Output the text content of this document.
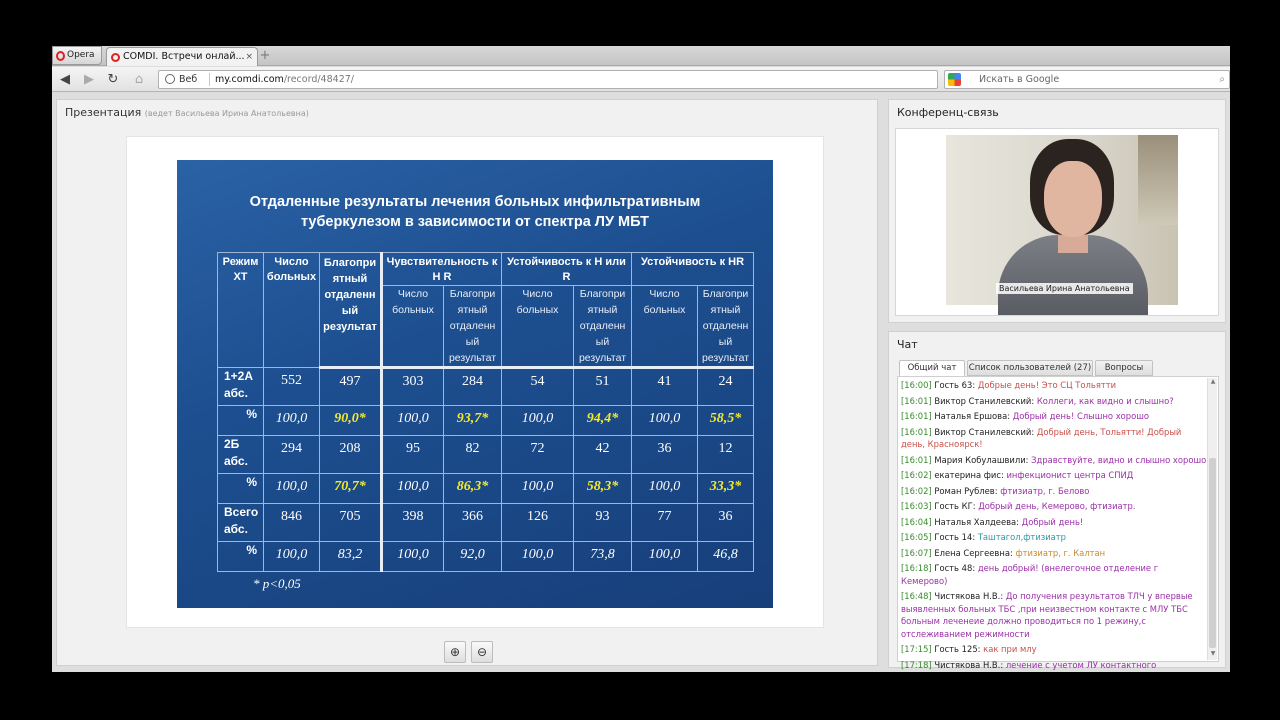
Opera	COMDI. Встречи онлай... × +
◀	▶	↻	⌂	Веб my.comdi.com/record/48427/	Искать в Google	⌕
Презентация (ведет Васильева Ирина Анатольевна)
Отдаленные результаты лечения больных инфильтративным
туберкулезом в зависимости от спектра ЛУ МБТ
Режим ХТ	Число больных	Благопри ятный отдаленн ый результат	Чувствительность к Н R		Устойчивость к Н или R		Устойчивость к HR	
			Число больных	Благопри ятный отдаленн ый результат	Число больных	Благопри ятный отдаленн ый результат	Число больных	Благопри ятный отдаленн ый результат
1+2А абс.	552	497	303	284	54	51	41	24
%	100,0	90,0*	100,0	93,7*	100,0	94,4*	100,0	58,5*
2Б абс.	294	208	95	82	72	42	36	12
%	100,0	70,7*	100,0	86,3*	100,0	58,3*	100,0	33,3*
Всего абс.	846	705	398	366	126	93	77	36
%	100,0	83,2	100,0	92,0	100,0	73,8	100,0	46,8
* p<0,05
⊕	⊖
Конференц-связь
Васильева Ирина Анатольевна
Чат
Общий чат	Список пользователей (27)	Вопросы
[16:00] Гость 63: Добрые день! Это СЦ Тольятти
[16:01] Виктор Станилевский: Коллеги, как видно и слышно?
[16:01] Наталья Ершова: Добрый день! Слышно хорошо
[16:01] Виктор Станилевский: Добрый день, Тольятти! Добрый день, Красноярск!
[16:01] Мария Кобулашвили: Здравствуйте, видно и слышно хорошо
[16:02] екатерина фис: инфекционист центра СПИД
[16:02] Роман Рублев: фтизиатр, г. Белово
[16:03] Гость КГ: Добрый день, Кемерово, фтизиатр.
[16:04] Наталья Халдеева: Добрый день!
[16:05] Гость 14: Таштагол,фтизиатр
[16:07] Елена Сергеевна: фтизиатр, г. Калтан
[16:18] Гость 48: день добрый! (внелегочное отделение г Кемерово)
[16:48] Чистякова Н.В.: До получения результатов ТЛЧ у впервые выявленных больных ТБС ,при неизвестном контакте с МЛУ ТБС больным леченеие должно проводиться по 1 режину,с отслеживанием режимности
[17:15] Гость 125: как при млу
[17:18] Чистякова Н.В.: лечение с учетом ЛУ контактного
▲
▼
